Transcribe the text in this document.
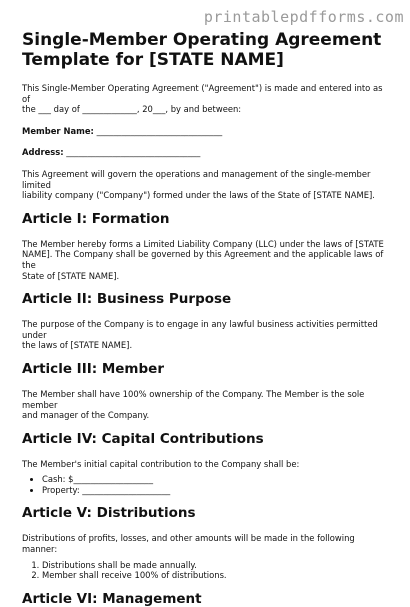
printablepdfforms.com
Single-Member Operating Agreement
Template for [STATE NAME]

This Single-Member Operating Agreement ("Agreement") is made and entered into as of
the ___ day of _____________, 20___, by and between:

Member Name: ______________________________

Address: ________________________________

This Agreement will govern the operations and management of the single-member limited
liability company ("Company") formed under the laws of the State of [STATE NAME].

Article I: Formation

The Member hereby forms a Limited Liability Company (LLC) under the laws of [STATE
NAME]. The Company shall be governed by this Agreement and the applicable laws of the
State of [STATE NAME].

Article II: Business Purpose

The purpose of the Company is to engage in any lawful business activities permitted under
the laws of [STATE NAME].

Article III: Member

The Member shall have 100% ownership of the Company. The Member is the sole member
and manager of the Company.

Article IV: Capital Contributions

The Member's initial capital contribution to the Company shall be:

• Cash: $___________________
• Property: _____________________
Article V: Distributions

Distributions of profits, losses, and other amounts will be made in the following manner:

1. Distributions shall be made annually.
2. Member shall receive 100% of distributions.
Article VI: Management
